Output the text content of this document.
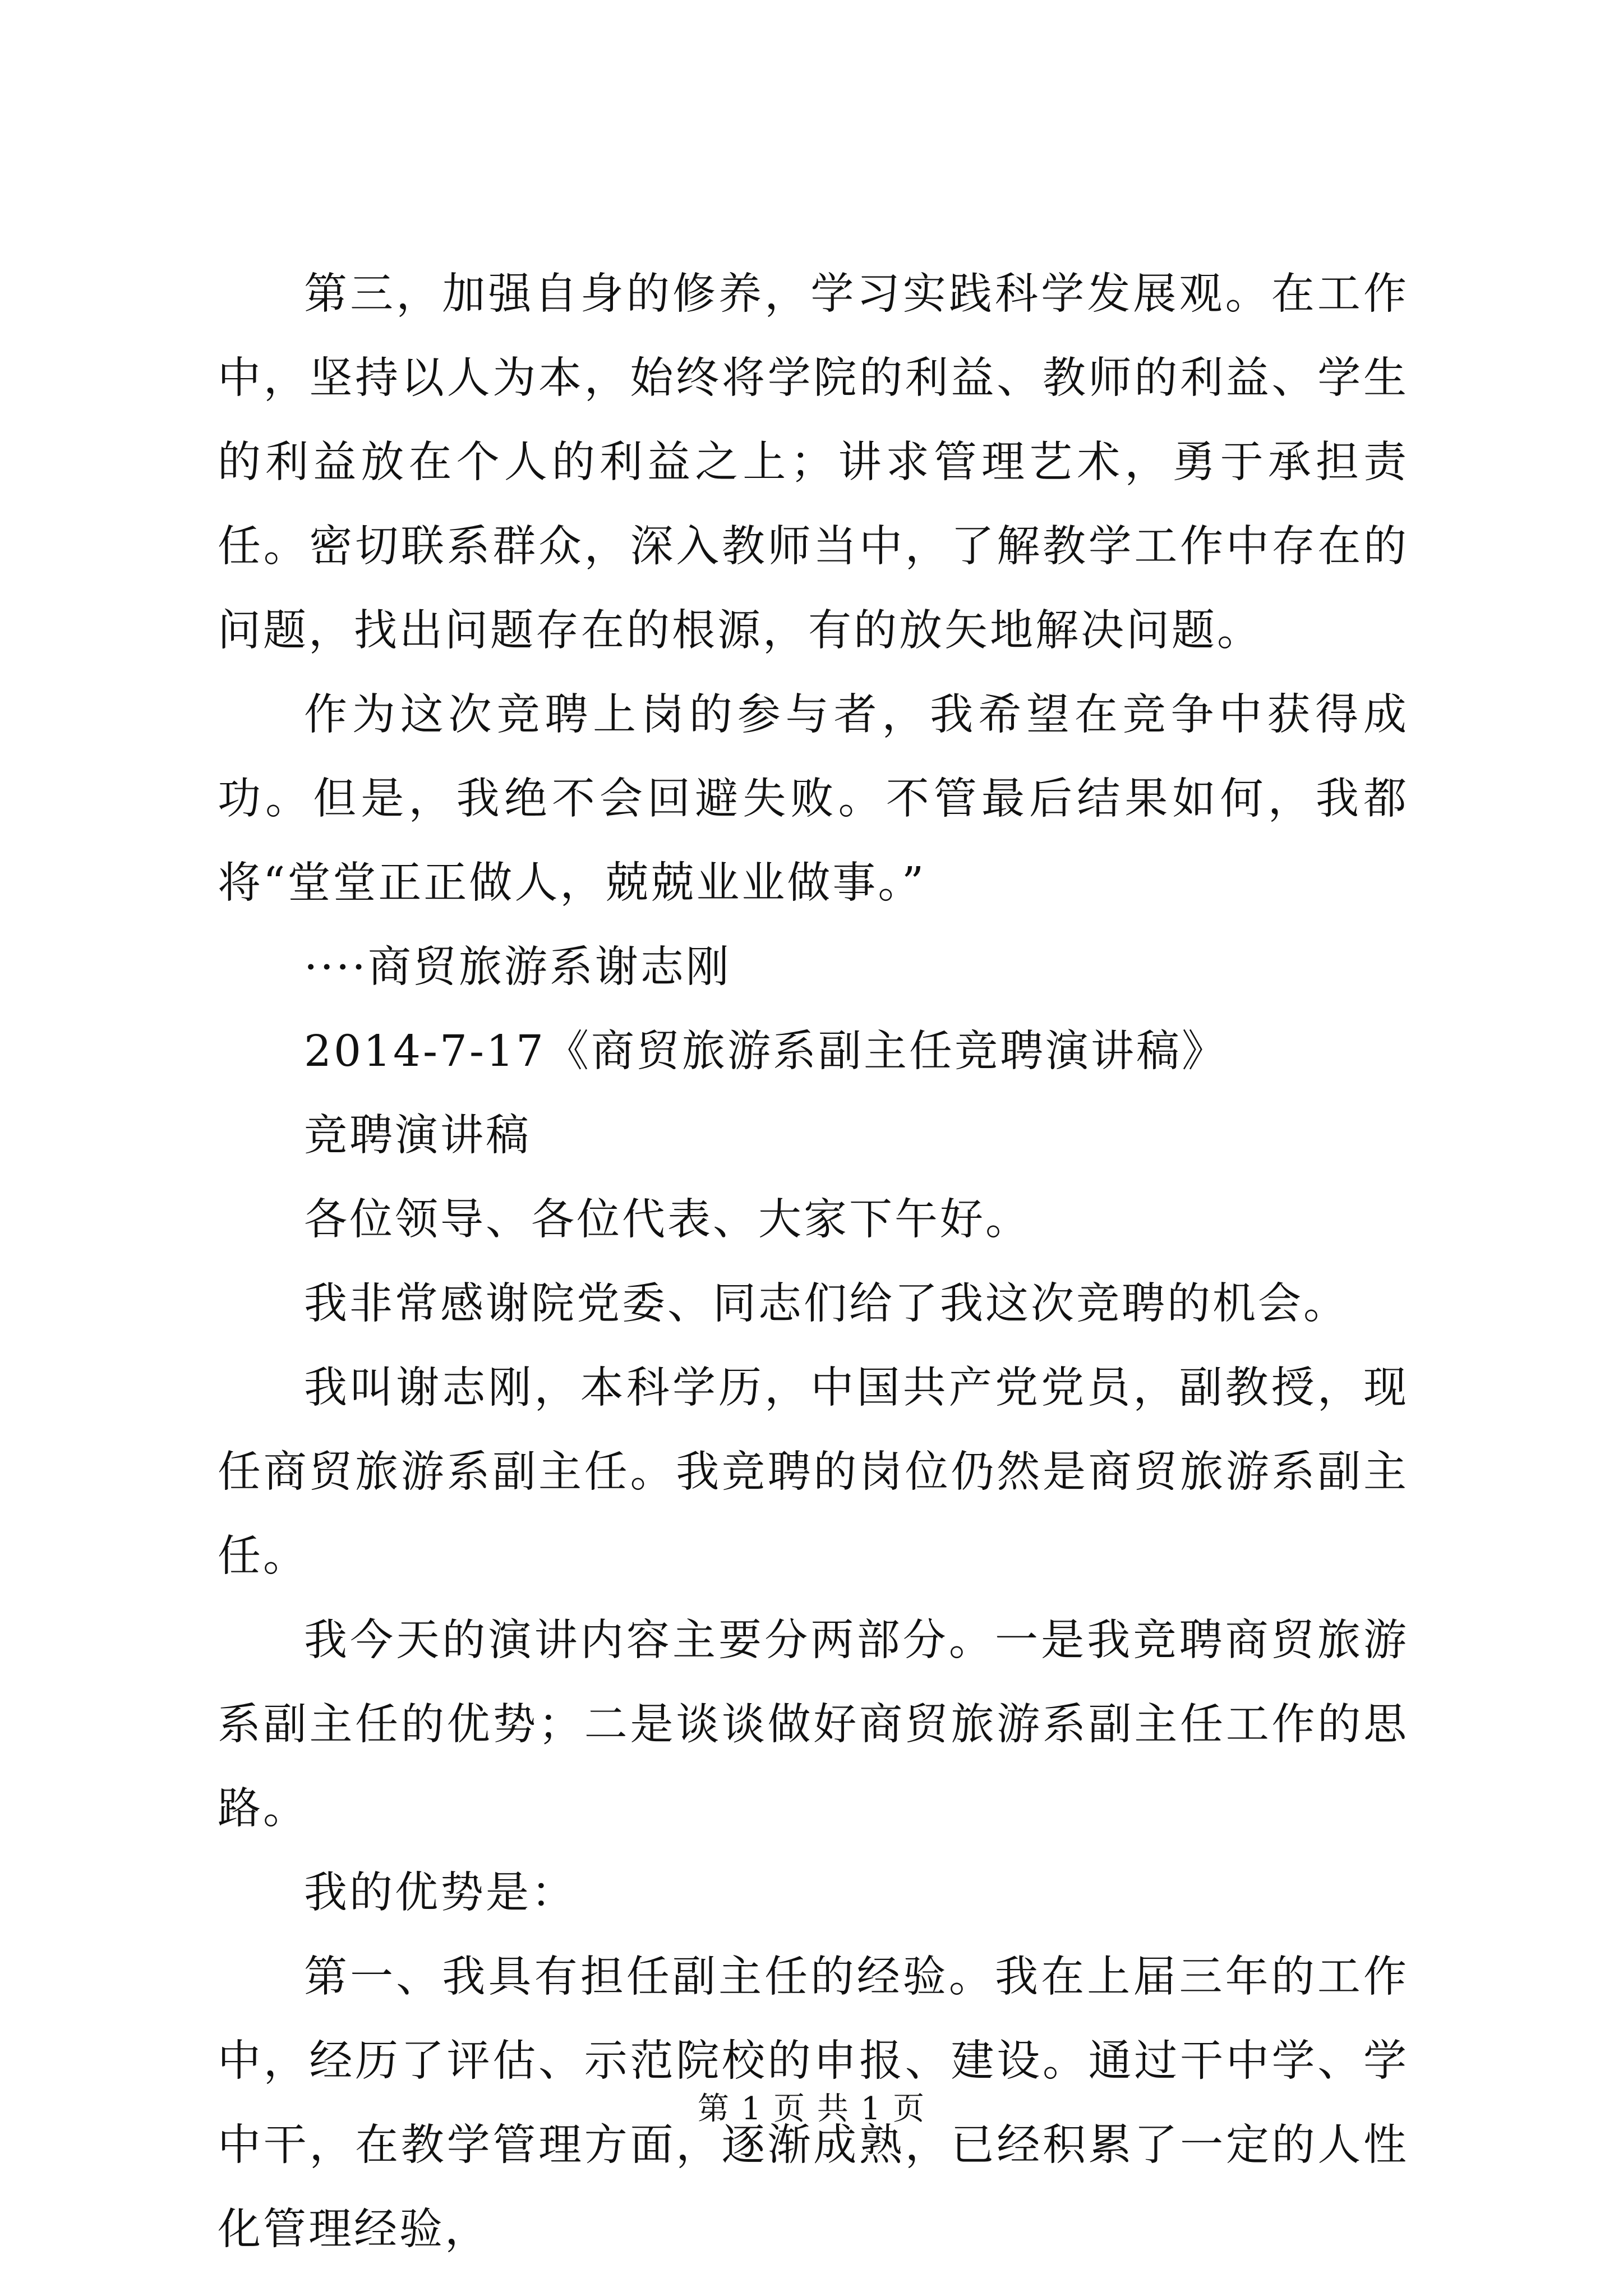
第三，加强自身的修养，学习实践科学发展观。在工作中，坚持以人为本，始终将学院的利益、教师的利益、学生的利益放在个人的利益之上；讲求管理艺术，勇于承担责任。密切联系群众，深入教师当中，了解教学工作中存在的问题，找出问题存在的根源，有的放矢地解决问题。

作为这次竞聘上岗的参与者，我希望在竞争中获得成功。但是，我绝不会回避失败。不管最后结果如何，我都将“堂堂正正做人，兢兢业业做事。”

····商贸旅游系谢志刚

2014-7-17《商贸旅游系副主任竞聘演讲稿》

竞聘演讲稿

各位领导、各位代表、大家下午好。

我非常感谢院党委、同志们给了我这次竞聘的机会。

我叫谢志刚，本科学历，中国共产党党员，副教授，现任商贸旅游系副主任。我竞聘的岗位仍然是商贸旅游系副主任。

我今天的演讲内容主要分两部分。一是我竞聘商贸旅游系副主任的优势；二是谈谈做好商贸旅游系副主任工作的思路。

我的优势是：

第一、我具有担任副主任的经验。我在上届三年的工作中，经历了评估、示范院校的申报、建设。通过干中学、学中干，在教学管理方面，逐渐成熟，已经积累了一定的人性化管理经验，

第 1 页 共 1 页
